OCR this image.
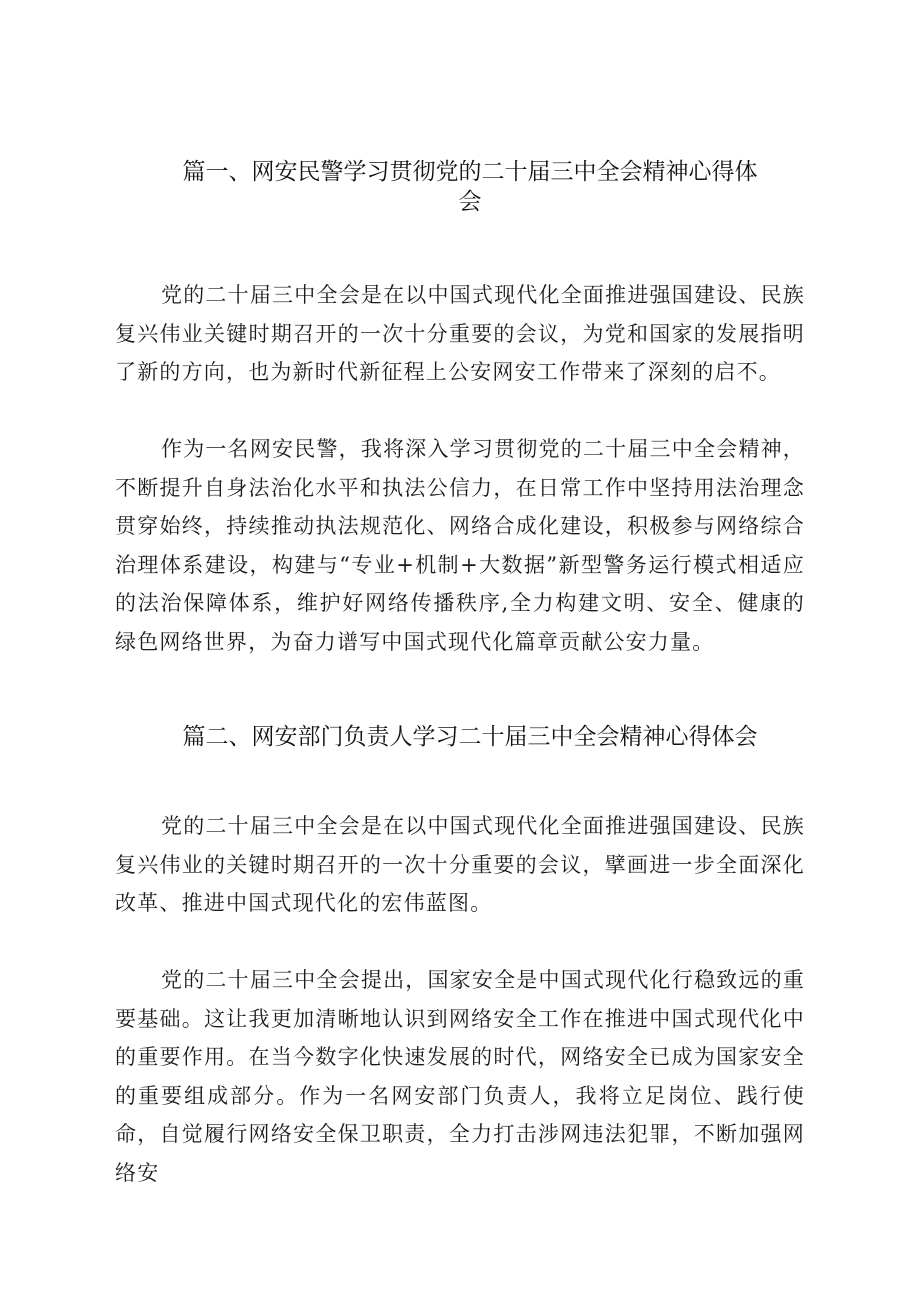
篇一、网安民警学习贯彻党的二十届三中全会精神心得体
会

党的二十届三中全会是在以中国式现代化全面推进强国建设、民族复兴伟业关键时期召开的一次十分重要的会议，为党和国家的发展指明了新的方向，也为新时代新征程上公安网安工作带来了深刻的启不。

作为一名网安民警，我将深入学习贯彻党的二十届三中全会精神，不断提升自身法治化水平和执法公信力，在日常工作中坚持用法治理念贯穿始终，持续推动执法规范化、网络合成化建设，积极参与网络综合治理体系建设，构建与“专业+机制+大数据”新型警务运行模式相适应的法治保障体系，维护好网络传播秩序,全力构建文明、安全、健康的绿色网络世界，为奋力谱写中国式现代化篇章贡献公安力量。

篇二、网安部门负责人学习二十届三中全会精神心得体会

党的二十届三中全会是在以中国式现代化全面推进强国建设、民族复兴伟业的关键时期召开的一次十分重要的会议，擘画进一步全面深化改革、推进中国式现代化的宏伟蓝图。

党的二十届三中全会提出，国家安全是中国式现代化行稳致远的重要基础。这让我更加清晰地认识到网络安全工作在推进中国式现代化中的重要作用。在当今数字化快速发展的时代，网络安全已成为国家安全的重要组成部分。作为一名网安部门负责人，我将立足岗位、践行使命，自觉履行网络安全保卫职责，全力打击涉网违法犯罪，不断加强网络安
